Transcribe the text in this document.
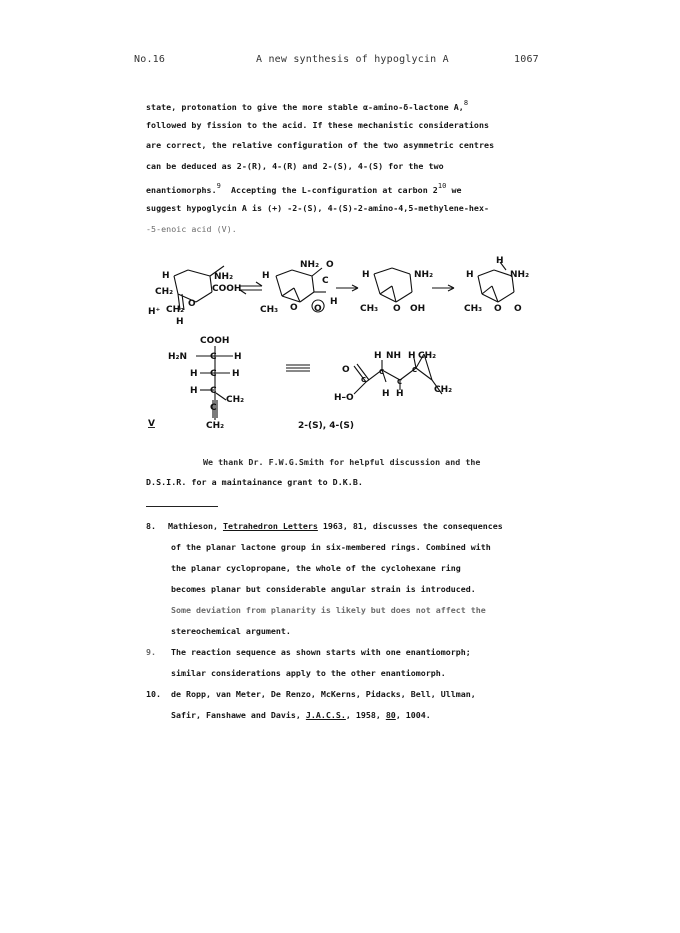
No.16	A new synthesis of hypoglycin A	1067
state, protonation to give the more stable α-amino-δ-lactone A,$^8$
followed by fission to the acid. If these mechanistic considerations
are correct, the relative configuration of the two asymmetric centres
can be deduced as 2-(R), 4-(R) and 2-(S), 4-(S) for the two
enantiomorphs.$^9$ Accepting the L-configuration at carbon $2^{10}$ we
suggest hypoglycin A is (+) -2-(S), 4-(S)-2-amino-4,5-methylene-hex-
-5-enoic acid (V).
H	NH₂
COOH
CH₂
H⁺ CH₂
O
H
H
NH₂ O
C
CH₃ O O
H
H	NH₂
CH₃ O OH
H
H
NH₂
CH₃ O O
COOH
H₂N	C H
H C H
H C
CH₂
C
CH₂
V
H NH H CH₂
O
H–O
C
C
C
C
H H	CH₂
2-(S), 4-(S)
We thank Dr. F.W.G.Smith for helpful discussion and the
D.S.I.R. for a maintainance grant to D.K.B.
8. Mathieson, Tetrahedron Letters 1963, 81, discusses the consequences
of the planar lactone group in six-membered rings. Combined with
the planar cyclopropane, the whole of the cyclohexane ring
becomes planar but considerable angular strain is introduced.
Some deviation from planarity is likely but does not affect the
stereochemical argument.
9. The reaction sequence as shown starts with one enantiomorph;
similar considerations apply to the other enantiomorph.
10. de Ropp, van Meter, De Renzo, McKerns, Pidacks, Bell, Ullman,
Safir, Fanshawe and Davis, J.A.C.S., 1958, 80, 1004.
